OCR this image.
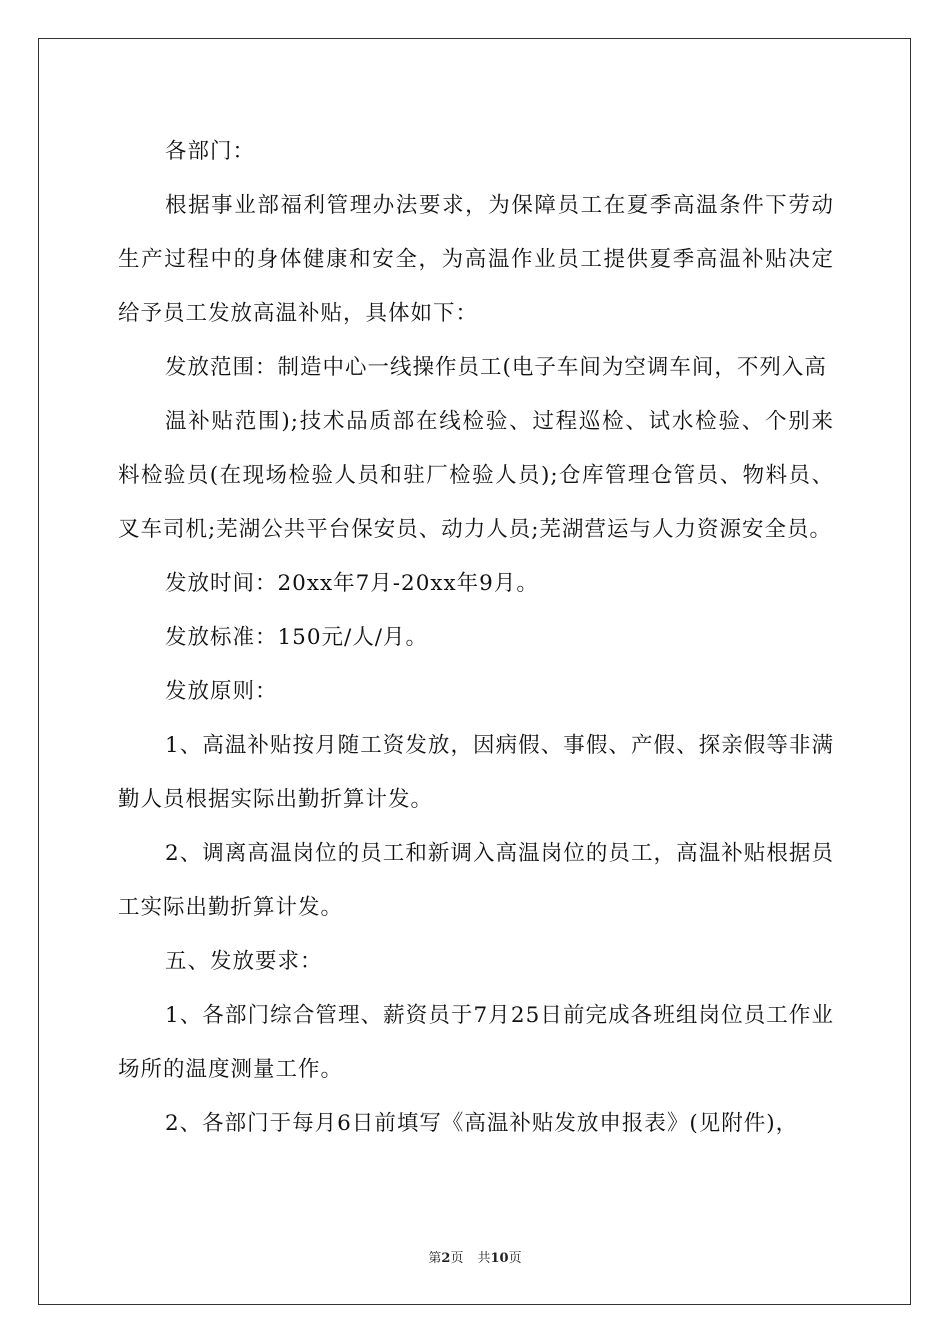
各部门：

根据事业部福利管理办法要求，为保障员工在夏季高温条件下劳动生产过程中的身体健康和安全，为高温作业员工提供夏季高温补贴决定给予员工发放高温补贴，具体如下：

发放范围：制造中心一线操作员工(电子车间为空调车间，不列入高

温补贴范围);技术品质部在线检验、过程巡检、试水检验、个别来料检验员(在现场检验人员和驻厂检验人员);仓库管理仓管员、物料员、叉车司机;芜湖公共平台保安员、动力人员;芜湖营运与人力资源安全员。

发放时间：20xx年7月-20xx年9月。

发放标准：150元/人/月。

发放原则：

1、高温补贴按月随工资发放，因病假、事假、产假、探亲假等非满勤人员根据实际出勤折算计发。

2、调离高温岗位的员工和新调入高温岗位的员工，高温补贴根据员工实际出勤折算计发。

五、发放要求：

1、各部门综合管理、薪资员于7月25日前完成各班组岗位员工作业场所的温度测量工作。

2、各部门于每月6日前填写《高温补贴发放申报表》(见附件)，

第2页 共10页
